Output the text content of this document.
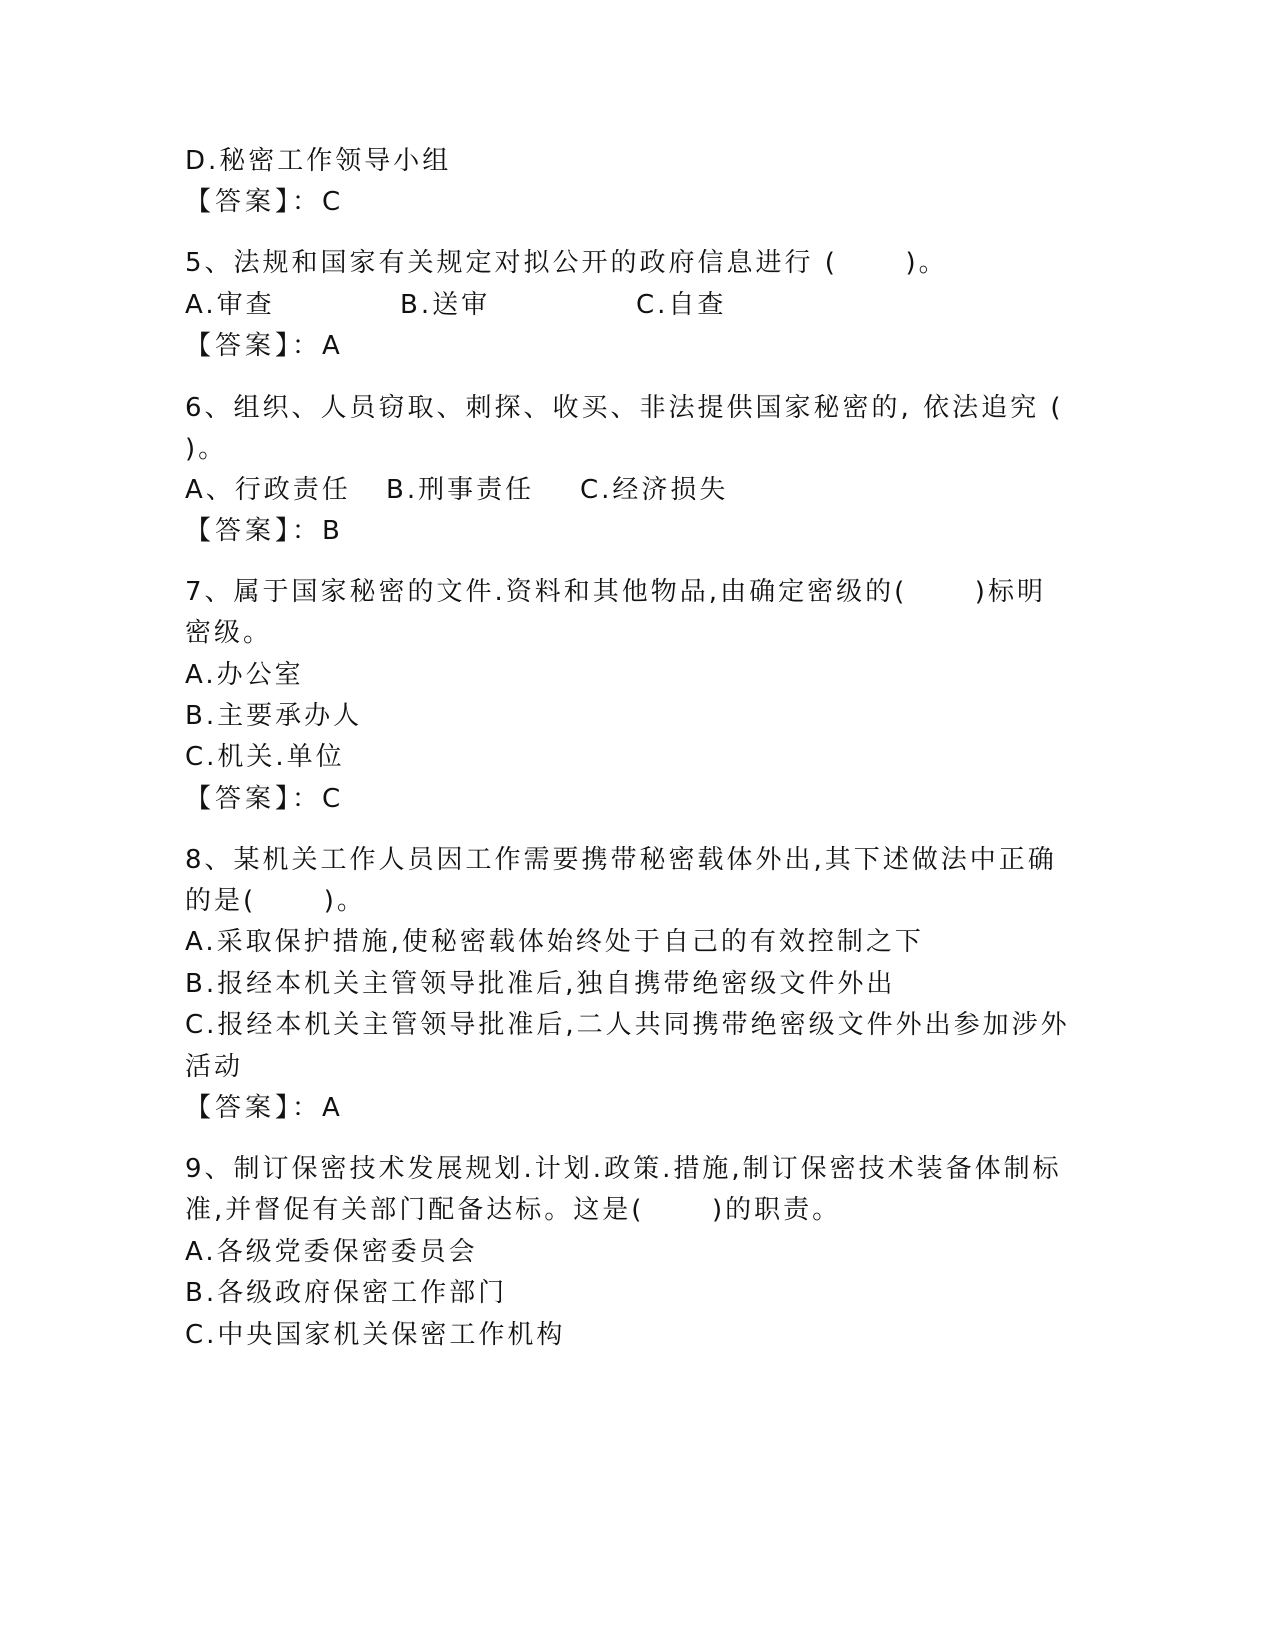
D.秘密工作领导小组
【答案】：C
5、法规和国家有关规定对拟公开的政府信息进行 (      )。
A.审查	B.送审	C.自查
【答案】：A
6、组织、人员窃取、刺探、收买、非法提供国家秘密的, 依法追究 (
)。
A、行政责任 B.刑事责任 C.经济损失
【答案】：B
7、属于国家秘密的文件.资料和其他物品,由确定密级的(      )标明
密级。
A.办公室
B.主要承办人
C.机关.单位
【答案】：C
8、某机关工作人员因工作需要携带秘密载体外出,其下述做法中正确
的是(      )。
A.采取保护措施,使秘密载体始终处于自己的有效控制之下
B.报经本机关主管领导批准后,独自携带绝密级文件外出
C.报经本机关主管领导批准后,二人共同携带绝密级文件外出参加涉外
活动
【答案】：A
9、制订保密技术发展规划.计划.政策.措施,制订保密技术装备体制标
准,并督促有关部门配备达标。这是(      )的职责。
A.各级党委保密委员会
B.各级政府保密工作部门
C.中央国家机关保密工作机构
